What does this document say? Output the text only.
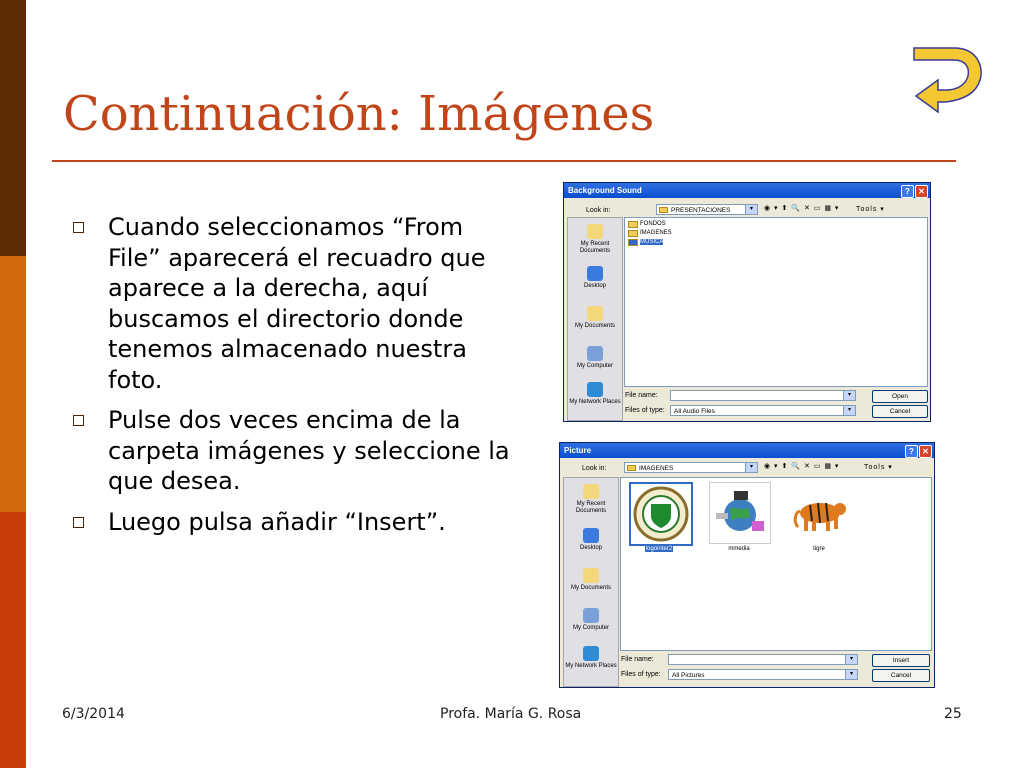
Continuación: Imágenes
Cuando seleccionamos “From File” aparecerá el recuadro que aparece a la derecha, aquí buscamos el directorio donde tenemos almacenado nuestra foto.
Pulse dos veces encima de la carpeta imágenes y seleccione la que desea.
Luego pulsa añadir “Insert”.
Background Sound	?	✕
Look in:	PRESENTACIONES	▾	◉ ▾ ⬆ 🔍 ✕ ▭ ▦ ▾ Tools ▾
My Recent Documents
Desktop
My Documents
My Computer
My Network Places
FONDOS
IMAGENES
MUSICA
File name:	▾
Files of type:	All Audio Files	▾
Open
Cancel
Picture	?	✕
Look in:	IMAGENES	▾	◉ ▾ ⬆ 🔍 ✕ ▭ ▦ ▾	Tools ▾
My Recent Documents
Desktop
My Documents
My Computer
My Network Places
logointer2	mmedia	tigre
File name:	▾
Files of type:	All Pictures	▾
Insert
Cancel
6/3/2014	Profa. María G. Rosa	25
